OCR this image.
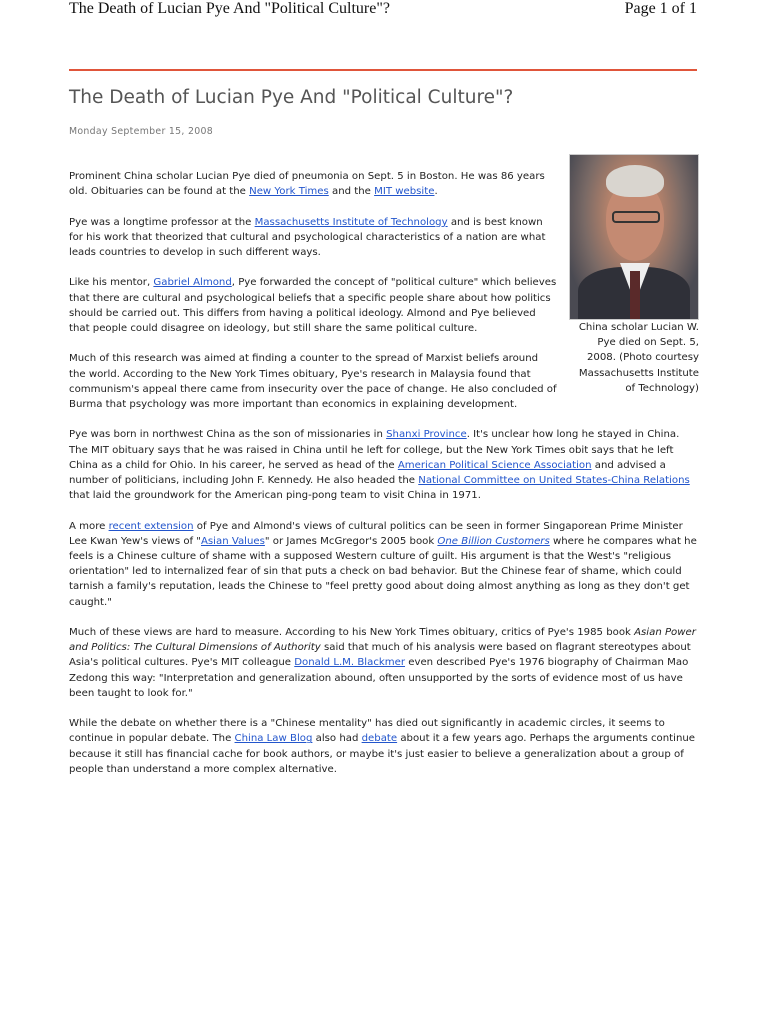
The Death of Lucian Pye And "Political Culture"?	Page 1 of 1
The Death of Lucian Pye And "Political Culture"?
Monday September 15, 2008
China scholar Lucian W. Pye died on Sept. 5, 2008. (Photo courtesy Massachusetts Institute of Technology)

Prominent China scholar Lucian Pye died of pneumonia on Sept. 5 in Boston. He was 86 years old. Obituaries can be found at the New York Times and the MIT website.

Pye was a longtime professor at the Massachusetts Institute of Technology and is best known for his work that theorized that cultural and psychological characteristics of a nation are what leads countries to develop in such different ways.

Like his mentor, Gabriel Almond, Pye forwarded the concept of "political culture" which believes that there are cultural and psychological beliefs that a specific people share about how politics should be carried out. This differs from having a political ideology. Almond and Pye believed that people could disagree on ideology, but still share the same political culture.

Much of this research was aimed at finding a counter to the spread of Marxist beliefs around the world. According to the New York Times obituary, Pye's research in Malaysia found that communism's appeal there came from insecurity over the pace of change. He also concluded of Burma that psychology was more important than economics in explaining development.

Pye was born in northwest China as the son of missionaries in Shanxi Province. It's unclear how long he stayed in China. The MIT obituary says that he was raised in China until he left for college, but the New York Times obit says that he left China as a child for Ohio. In his career, he served as head of the American Political Science Association and advised a number of politicians, including John F. Kennedy. He also headed the National Committee on United States-China Relations that laid the groundwork for the American ping-pong team to visit China in 1971.

A more recent extension of Pye and Almond's views of cultural politics can be seen in former Singaporean Prime Minister Lee Kwan Yew's views of "Asian Values" or James McGregor's 2005 book One Billion Customers where he compares what he feels is a Chinese culture of shame with a supposed Western culture of guilt. His argument is that the West's "religious orientation" led to internalized fear of sin that puts a check on bad behavior. But the Chinese fear of shame, which could tarnish a family's reputation, leads the Chinese to "feel pretty good about doing almost anything as long as they don't get caught."

Much of these views are hard to measure. According to his New York Times obituary, critics of Pye's 1985 book Asian Power and Politics: The Cultural Dimensions of Authority said that much of his analysis were based on flagrant stereotypes about Asia's political cultures. Pye's MIT colleague Donald L.M. Blackmer even described Pye's 1976 biography of Chairman Mao Zedong this way: "Interpretation and generalization abound, often unsupported by the sorts of evidence most of us have been taught to look for."

While the debate on whether there is a "Chinese mentality" has died out significantly in academic circles, it seems to continue in popular debate. The China Law Blog also had debate about it a few years ago. Perhaps the arguments continue because it still has financial cache for book authors, or maybe it's just easier to believe a generalization about a group of people than understand a more complex alternative.
